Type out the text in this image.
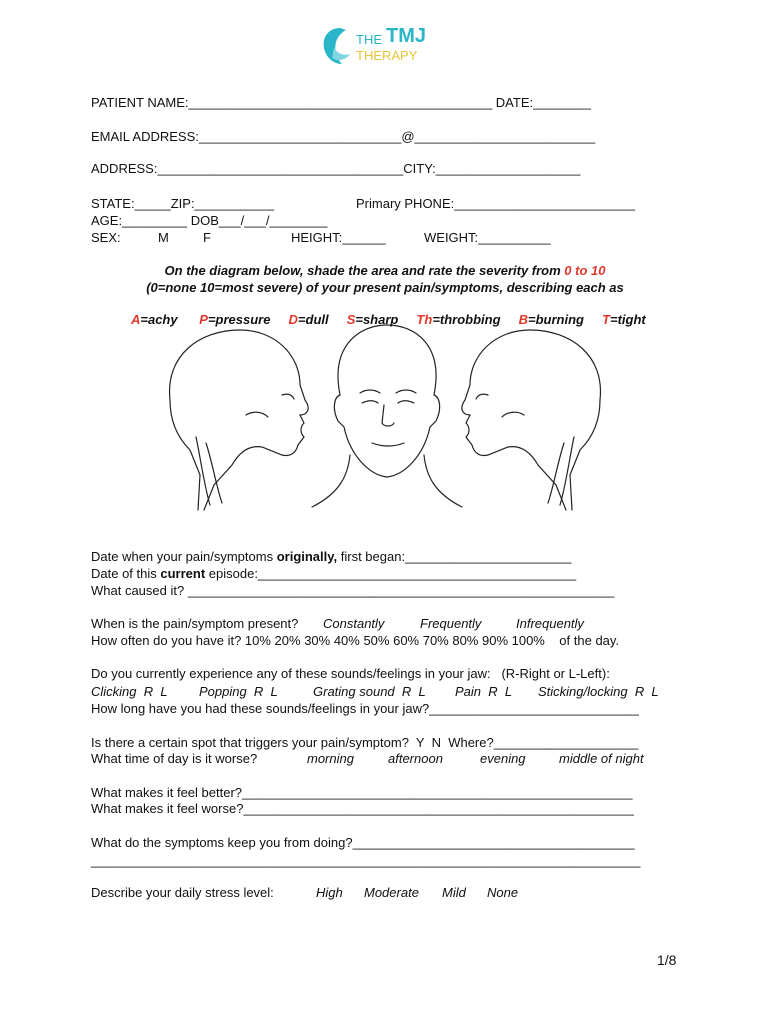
THE TMJ
THERAPY
PATIENT NAME:__________________________________________ DATE:________
EMAIL ADDRESS:____________________________@_________________________
ADDRESS:__________________________________CITY:____________________
STATE:_____ZIP:___________	Primary PHONE:_________________________
AGE:_________ DOB___/___/________
SEX:	M	F	HEIGHT:______	WEIGHT:__________
On the diagram below, shade the area and rate the severity from 0 to 10
(0=none 10=most severe) of your present pain/symptoms, describing each as

A=achy P=pressure D=dull S=sharp Th=throbbing B=burning T=tight

Date when your pain/symptoms originally, first began:_______________________
Date of this current episode:____________________________________________
What caused it? ___________________________________________________________
When is the pain/symptom present? Constantly	Frequently	Infrequently
How often do you have it? 10% 20% 30% 40% 50% 60% 70% 80% 90% 100%    of the day.
Do you currently experience any of these sounds/feelings in your jaw:   (R-Right or L-Left):
Clicking  R  L Popping  R  L	Grating sound  R  L Pain  R  L Sticking/locking  R  L
How long have you had these sounds/feelings in your jaw?_____________________________
Is there a certain spot that triggers your pain/symptom?  Y  N  Where?____________________
What time of day is it worse?	morning	afternoon	evening	middle of night
What makes it feel better?______________________________________________________
What makes it feel worse?______________________________________________________
What do the symptoms keep you from doing?_______________________________________
____________________________________________________________________________
Describe your daily stress level:	High Moderate Mild None
1/8
